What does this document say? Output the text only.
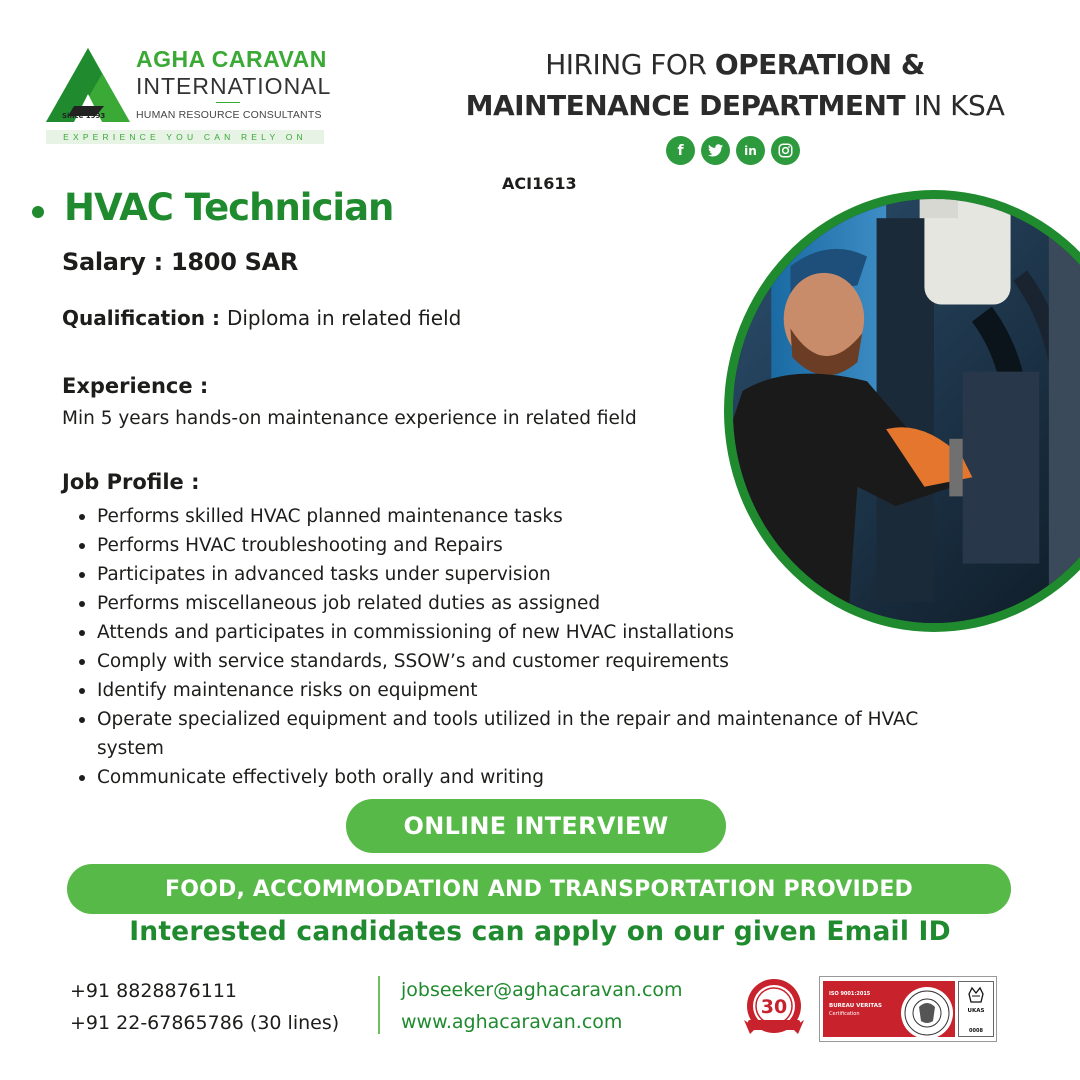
Since 1993
AGHA CARAVAN
INTERNATIONAL
HUMAN RESOURCE CONSULTANTS
EXPERIENCE YOU CAN RELY ON
HIRING FOR OPERATION &
MAINTENANCE DEPARTMENT IN KSA
f	in
ACI1613
HVAC Technician
Salary : 1800 SAR
Qualification : Diploma in related field
Experience :
Min 5 years hands-on maintenance experience in related field
Job Profile :
Performs skilled HVAC planned maintenance tasks
Performs HVAC troubleshooting and Repairs
Participates in advanced tasks under supervision
Performs miscellaneous job related duties as assigned
Attends and participates in commissioning of new HVAC installations
Comply with service standards, SSOW’s and customer requirements
Identify maintenance risks on equipment
Operate specialized equipment and tools utilized in the repair and maintenance of HVAC system
Communicate effectively both orally and writing
ONLINE INTERVIEW
FOOD, ACCOMMODATION AND TRANSPORTATION PROVIDED
Interested candidates can apply on our given Email ID
+91 8828876111
+91 22-67865786 (30 lines)
jobseeker@aghacaravan.com
www.aghacaravan.com
30
ISO 9001:2015
BUREAU VERITAS
Certification	UKAS
0008
